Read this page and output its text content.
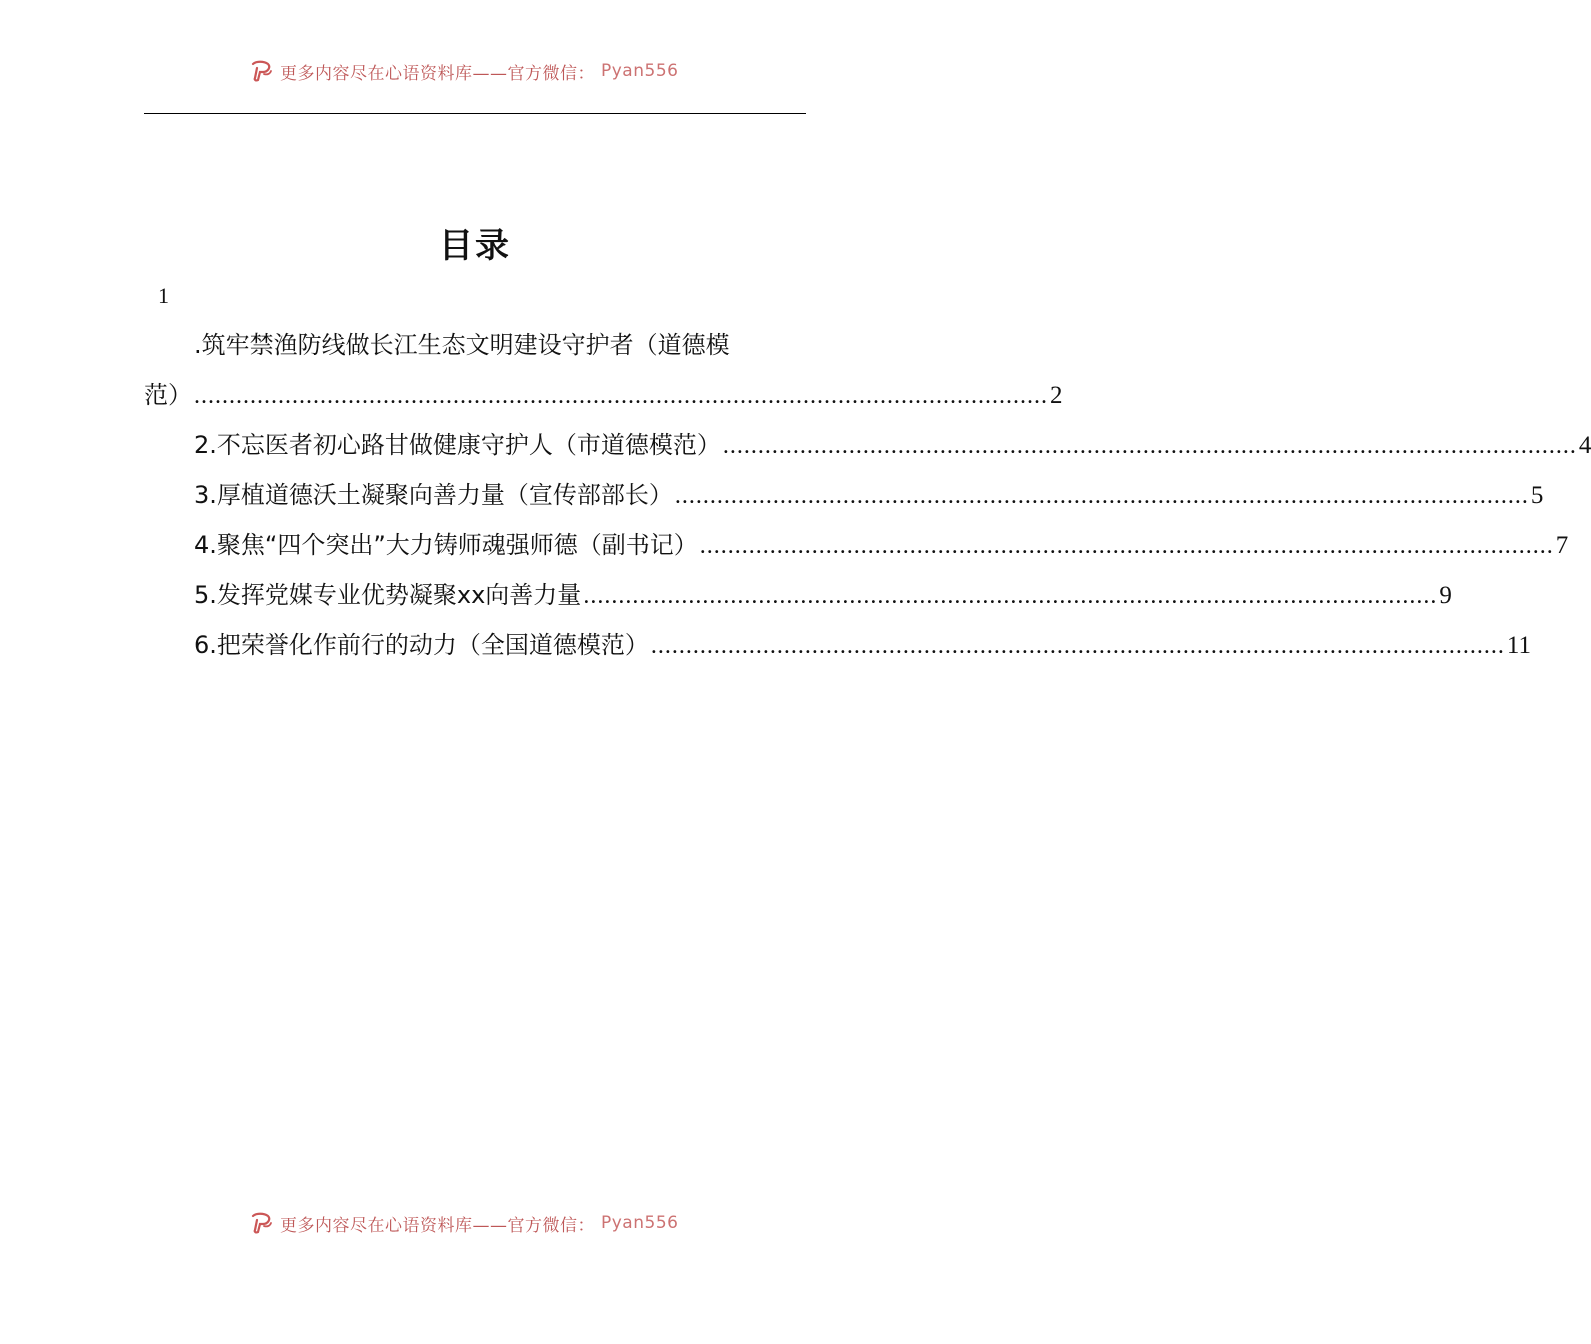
更多内容尽在心语资料库——官方微信： Pyan556
目录
1
.筑牢禁渔防线做长江生态文明建设守护者（道德模
范） .......................................................................................................................... 2
2.不忘医者初心路甘做健康守护人（市道德模范） .......................................................................................................................... 4
3.厚植道德沃土凝聚向善力量（宣传部部长） .......................................................................................................................... 5
4.聚焦“四个突出”大力铸师魂强师德（副书记） .......................................................................................................................... 7
5.发挥党媒专业优势凝聚xx向善力量 .......................................................................................................................... 9
6.把荣誉化作前行的动力（全国道德模范） .......................................................................................................................... 11
更多内容尽在心语资料库——官方微信： Pyan556
